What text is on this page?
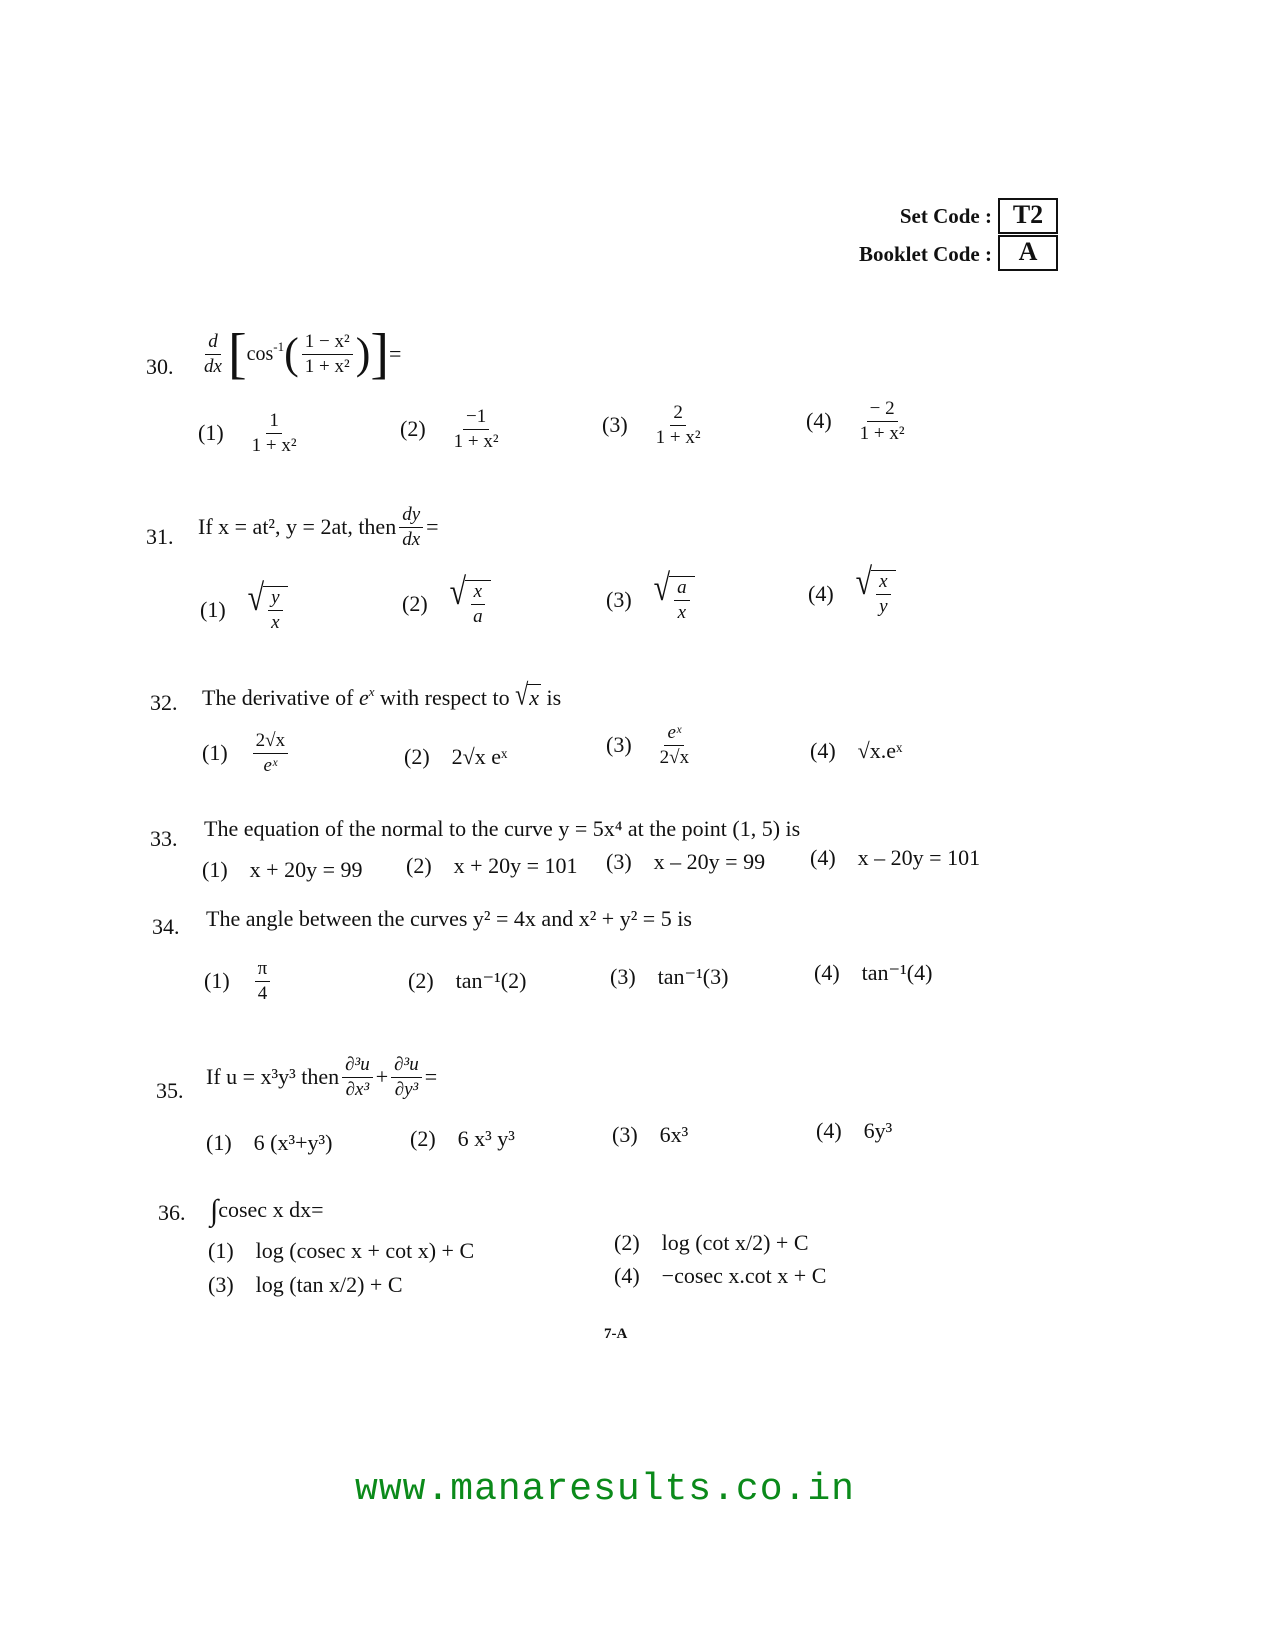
Set Code : T2
Booklet Code :	A
30. $\frac{d}{dx}$ [ $\cos^{-1}$ ( $\frac{\text{1 − x²}}{\text{1 + x²}}$ ) ] =
$(1) \frac{1}{\text{1 + x²}}$	$(2) \frac{-1}{\text{1 + x²}}$	$(3) \frac{2}{\text{1 + x²}}$	$(4) \frac{- 2}{\text{1 + x²}}$
31. If x = at², y = 2at, then $\frac{dy}{dx}$ =
(1) √ $\frac{y}{x}$	(2) √ $\frac{x}{a}$	(3) √ $\frac{a}{x}$	(4) √ $\frac{x}{y}$
32. The derivative of
$e^x$
with respect to
√ x
is
$(1) \frac{2√x}{\text{eˣ}}$	(2) 2√x eˣ	$(3) \frac{\text{eˣ}}{2√x}$	(4) √x.eˣ
33. The equation of the normal to the curve y = 5x⁴ at the point (1, 5) is
(1) x + 20y = 99 (2) x + 20y = 101 (3) x – 20y = 99 (4) x – 20y = 101
34. The angle between the curves y² = 4x and x² + y² = 5 is
$(1) \frac{\pi}{4}$	(2) tan⁻¹(2)	(3) tan⁻¹(3)	(4) tan⁻¹(4)
35.
If u = x³y³ then $\frac{\text{∂³u}}{\text{∂x³}} + \frac{\text{∂³u}}{\text{∂y³}}$ =
(1) 6 (x³+y³)	(2) 6 x³ y³	(3) 6x³	(4) 6y³
36. ∫cosec x dx=
(1) log (cosec x + cot x) + C	(2) log (cot x/2) + C
(3) log (tan x/2) + C	(4) −cosec x.cot x + C
7-A
www.manaresults.co.in
